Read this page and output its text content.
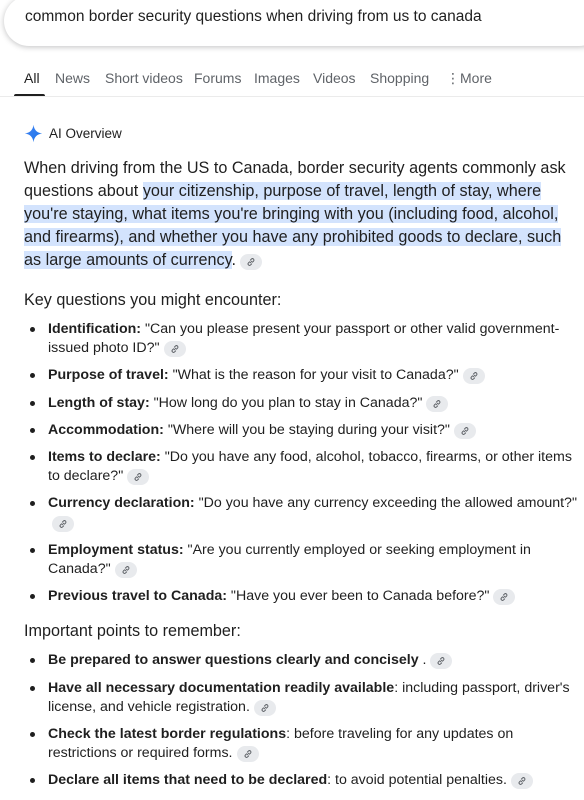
common border security questions when driving from us to canada
All News Short videos Forums Images Videos Shopping ⋮More
AI Overview

When driving from the US to Canada, border security agents commonly ask questions about your citizenship, purpose of travel, length of stay, where you're staying, what items you're bringing with you (including food, alcohol, and firearms), and whether you have any prohibited goods to declare, such as large amounts of currency.

Key questions you might encounter:
Identification: "Can you please present your passport or other valid government-issued photo ID?"
Purpose of travel: "What is the reason for your visit to Canada?"
Length of stay: "How long do you plan to stay in Canada?"
Accommodation: "Where will you be staying during your visit?"
Items to declare: "Do you have any food, alcohol, tobacco, firearms, or other items to declare?"
Currency declaration: "Do you have any currency exceeding the allowed amount?"
Employment status: "Are you currently employed or seeking employment in Canada?"
Previous travel to Canada: "Have you ever been to Canada before?"
Important points to remember:
Be prepared to answer questions clearly and concisely .
Have all necessary documentation readily available: including passport, driver's license, and vehicle registration.
Check the latest border regulations: before traveling for any updates on restrictions or required forms.
Declare all items that need to be declared: to avoid potential penalties.
